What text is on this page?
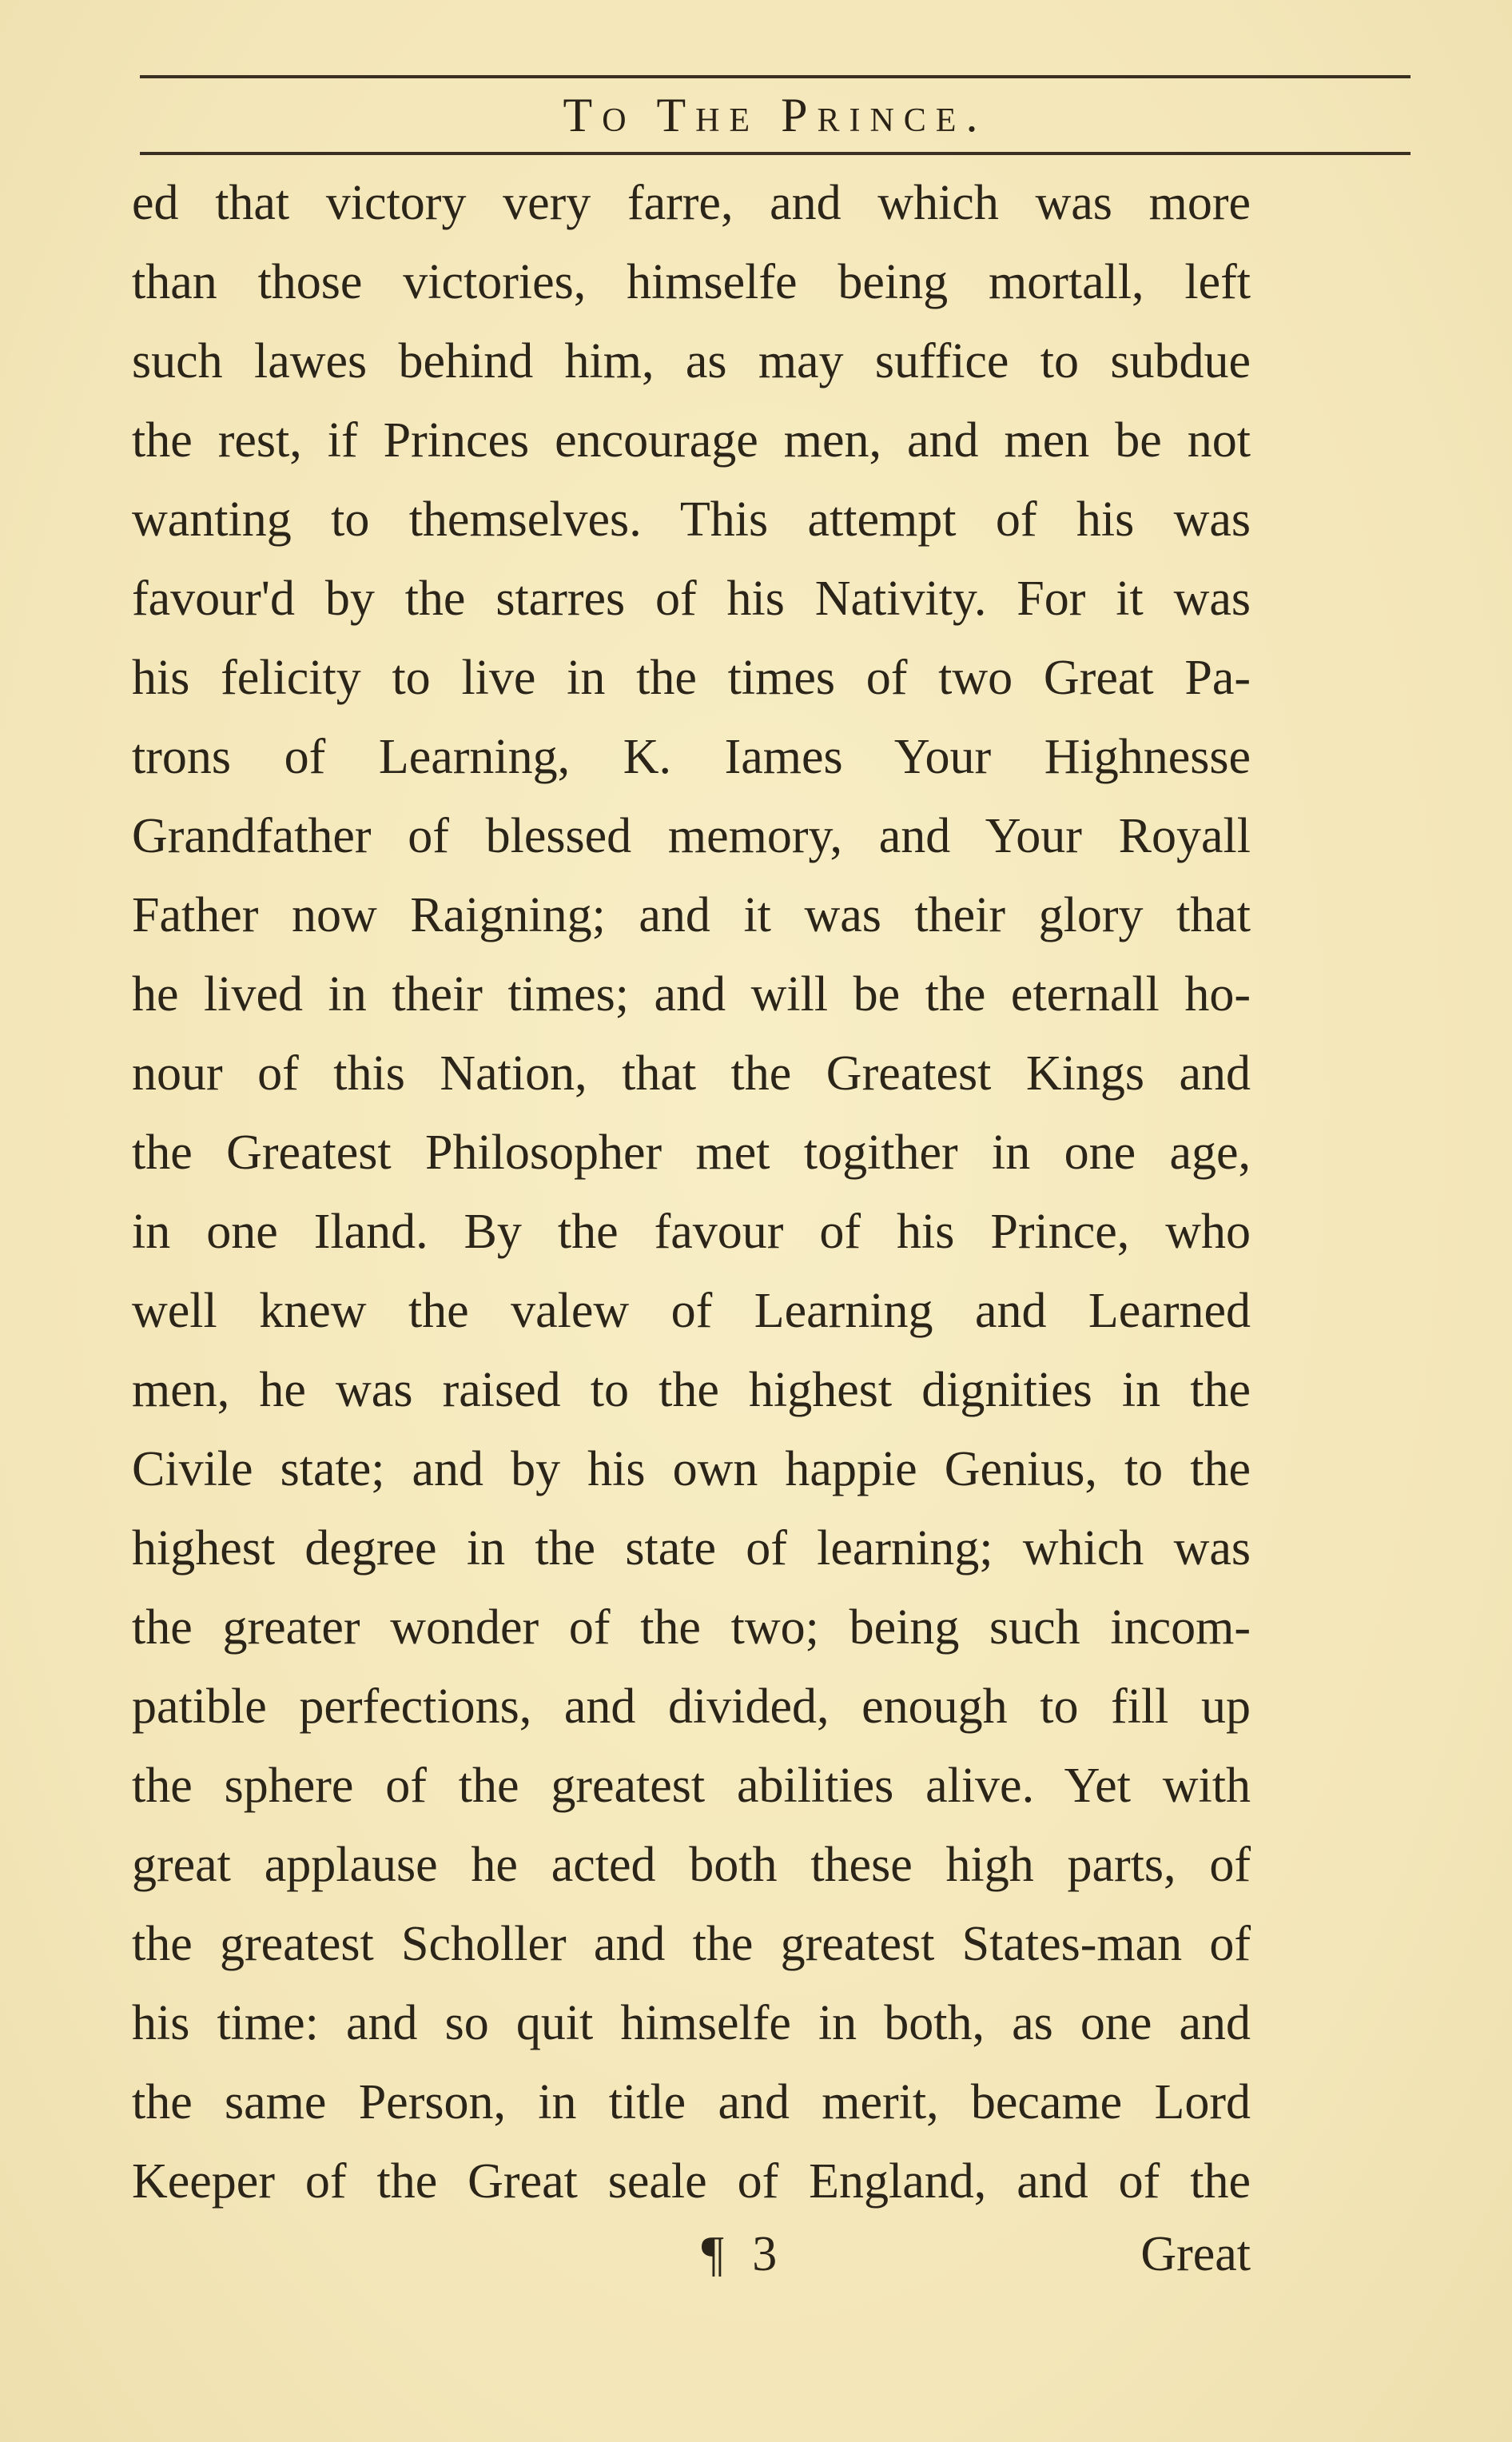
To The Prince.
ed that victory very farre, and which was more
than those victories, himselfe being mortall, left
such lawes behind him, as may suffice to subdue
the rest, if Princes encourage men, and men be not
wanting to themselves. This attempt of his was
favour'd by the starres of his Nativity. For it was
his felicity to live in the times of two Great Pa-
trons of Learning, K. Iames Your Highnesse
Grandfather of blessed memory, and Your Royall
Father now Raigning; and it was their glory that
he lived in their times; and will be the eternall ho-
nour of this Nation, that the Greatest Kings and
the Greatest Philosopher met togither in one age,
in one Iland. By the favour of his Prince, who
well knew the valew of Learning and Learned
men, he was raised to the highest dignities in the
Civile state; and by his own happie Genius, to the
highest degree in the state of learning; which was
the greater wonder of the two; being such incom-
patible perfections, and divided, enough to fill up
the sphere of the greatest abilities alive. Yet with
great applause he acted both these high parts, of
the greatest Scholler and the greatest States-man of
his time: and so quit himselfe in both, as one and
the same Person, in title and merit, became Lord
Keeper of the Great seale of England, and of the
¶ 3	Great
